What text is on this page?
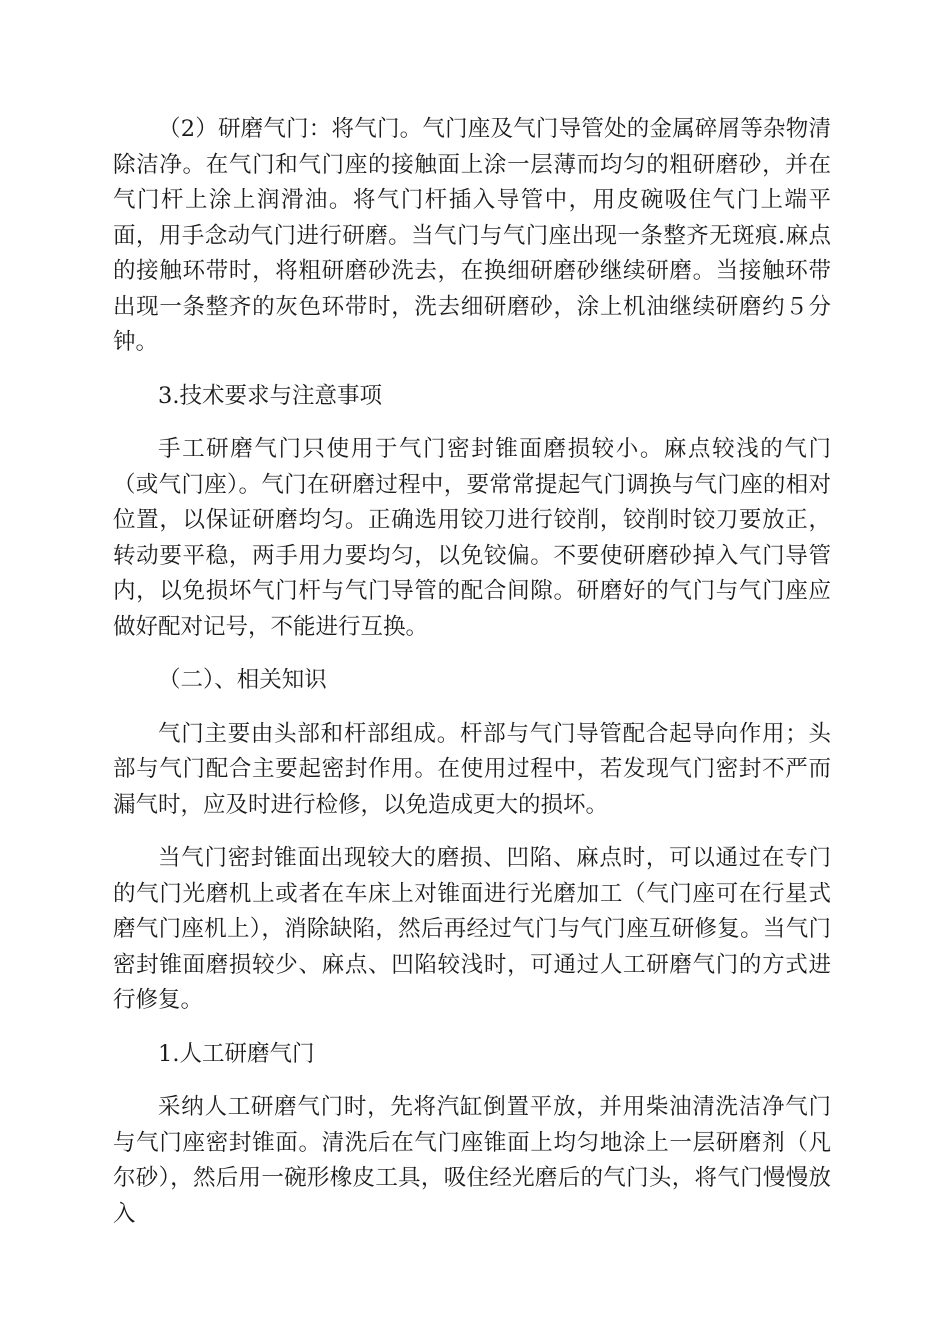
（2）研磨气门：将气门。气门座及气门导管处的金属碎屑等杂物清除洁净。在气门和气门座的接触面上涂一层薄而均匀的粗研磨砂，并在气门杆上涂上润滑油。将气门杆插入导管中，用皮碗吸住气门上端平面，用手念动气门进行研磨。当气门与气门座出现一条整齐无斑痕.麻点的接触环带时，将粗研磨砂洗去，在换细研磨砂继续研磨。当接触环带出现一条整齐的灰色环带时，洗去细研磨砂，涂上机油继续研磨约５分钟。

3.技术要求与注意事项

手工研磨气门只使用于气门密封锥面磨损较小。麻点较浅的气门（或气门座）。气门在研磨过程中，要常常提起气门调换与气门座的相对位置，以保证研磨均匀。正确选用铰刀进行铰削，铰削时铰刀要放正，转动要平稳，两手用力要均匀，以免铰偏。不要使研磨砂掉入气门导管内，以免损坏气门杆与气门导管的配合间隙。研磨好的气门与气门座应做好配对记号，不能进行互换。

（二）、相关知识

气门主要由头部和杆部组成。杆部与气门导管配合起导向作用；头部与气门配合主要起密封作用。在使用过程中，若发现气门密封不严而漏气时，应及时进行检修，以免造成更大的损坏。

当气门密封锥面出现较大的磨损、凹陷、麻点时，可以通过在专门的气门光磨机上或者在车床上对锥面进行光磨加工（气门座可在行星式磨气门座机上），消除缺陷，然后再经过气门与气门座互研修复。当气门密封锥面磨损较少、麻点、凹陷较浅时，可通过人工研磨气门的方式进行修复。

1.人工研磨气门

采纳人工研磨气门时，先将汽缸倒置平放，并用柴油清洗洁净气门与气门座密封锥面。清洗后在气门座锥面上均匀地涂上一层研磨剂（凡尔砂），然后用一碗形橡皮工具，吸住经光磨后的气门头，将气门慢慢放入
